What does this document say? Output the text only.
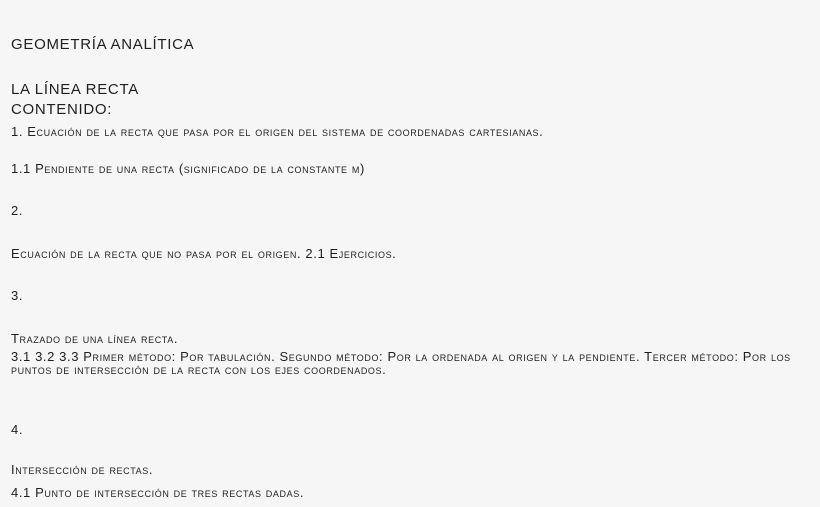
GEOMETRÍA ANALÍTICA

LA LÍNEA RECTA

CONTENIDO:

1. Ecuación de la recta que pasa por el origen del sistema de coordenadas cartesianas.

1.1 Pendiente de una recta (significado de la constante m)

2.

Ecuación de la recta que no pasa por el origen. 2.1 Ejercicios.

3.

Trazado de una línea recta.

3.1 3.2 3.3 Primer método: Por tabulación. Segundo método: Por la ordenada al origen y la pendiente. Tercer método: Por los puntos de intersección de la recta con los ejes coordenados.

4.

Intersección de rectas.

4.1 Punto de intersección de tres rectas dadas.
